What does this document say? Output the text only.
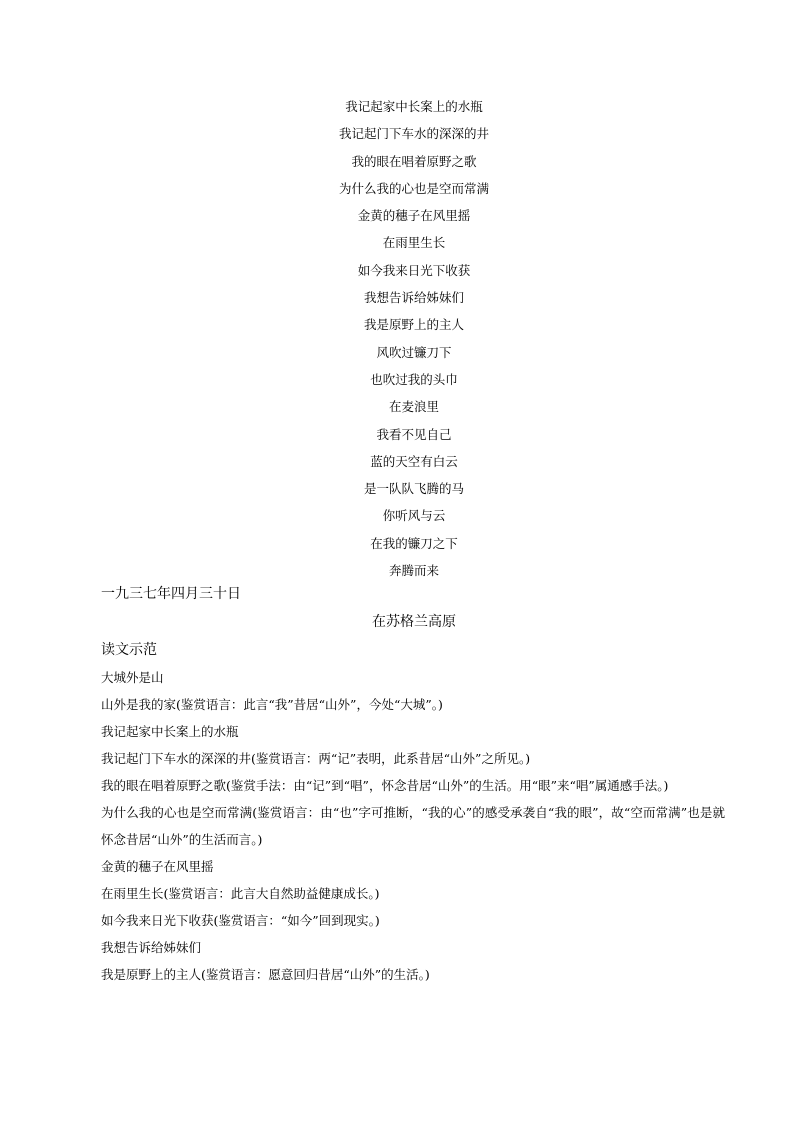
我记起家中长案上的水瓶
我记起门下车水的深深的井
我的眼在唱着原野之歌
为什么我的心也是空而常满
金黄的穗子在风里摇
在雨里生长
如今我来日光下收获
我想告诉给姊妹们
我是原野上的主人
风吹过镰刀下
也吹过我的头巾
在麦浪里
我看不见自己
蓝的天空有白云
是一队队飞腾的马
你听风与云
在我的镰刀之下
奔腾而来
一九三七年四月三十日
在苏格兰高原
读文示范
大城外是山
山外是我的家(鉴赏语言：此言“我”昔居“山外”，今处“大城”。)
我记起家中长案上的水瓶
我记起门下车水的深深的井(鉴赏语言：两“记”表明，此系昔居“山外”之所见。)
我的眼在唱着原野之歌(鉴赏手法：由“记”到“唱”，怀念昔居“山外”的生活。用“眼”来“唱”属通感手法。)
为什么我的心也是空而常满(鉴赏语言：由“也”字可推断，“我的心”的感受承袭自“我的眼”，故“空而常满”也是就怀念昔居“山外”的生活而言。)
金黄的穗子在风里摇
在雨里生长(鉴赏语言：此言大自然助益健康成长。)
如今我来日光下收获(鉴赏语言：“如今”回到现实。)
我想告诉给姊妹们
我是原野上的主人(鉴赏语言：愿意回归昔居“山外”的生活。)
